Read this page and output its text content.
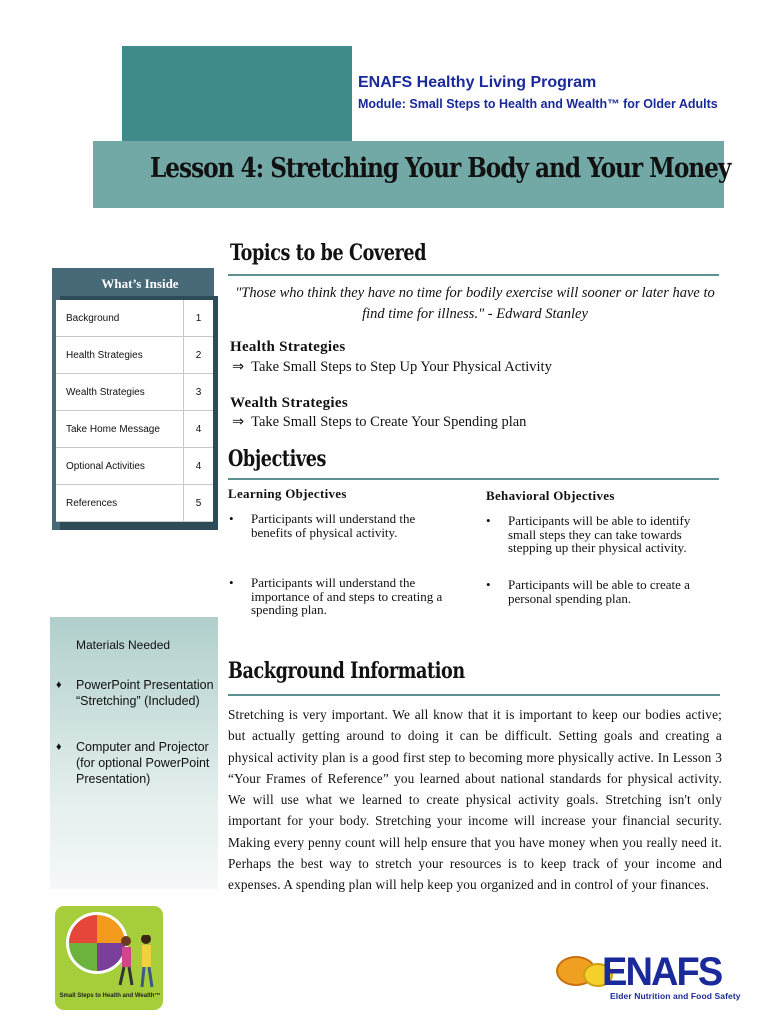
ENAFS Healthy Living Program
Module: Small Steps to Health and Wealth™ for Older Adults
Lesson 4: Stretching Your Body and Your Money
Topics to be Covered
What’s Inside
Background	1
Health Strategies	2
Wealth Strategies	3
Take Home Message	4
Optional Activities	4
References	5
"Those who think they have no time for bodily exercise will sooner or later have to find time for illness." - Edward Stanley
Health Strategies
⇒ Take Small Steps to Step Up Your Physical Activity
Wealth Strategies
⇒ Take Small Steps to Create Your Spending plan
Objectives
Learning Objectives	Behavioral Objectives
•	Participants will understand the benefits of physical activity.
•	Participants will understand the importance of and steps to creating a spending plan.
•	Participants will be able to identify small steps they can take towards stepping up their physical activity.
•	Participants will be able to create a personal spending plan.
Materials Needed
♦	PowerPoint Presentation “Stretching” (Included)
♦	Computer and Projector (for optional PowerPoint Presentation)
Background Information
Stretching is very important. We all know that it is important to keep our bodies active; but actually getting around to doing it can be difficult. Setting goals and creating a physical activity plan is a good first step to becoming more physically active. In Lesson 3 “Your Frames of Reference” you learned about national standards for physical activity. We will use what we learned to create physical activity goals. Stretching isn't only important for your body. Stretching your income will increase your financial security. Making every penny count will help ensure that you have money when you really need it. Perhaps the best way to stretch your resources is to keep track of your income and expenses. A spending plan will help keep you organized and in control of your finances.
Small Steps to Health and Wealth™
ENAFS
Elder Nutrition and Food Safety
